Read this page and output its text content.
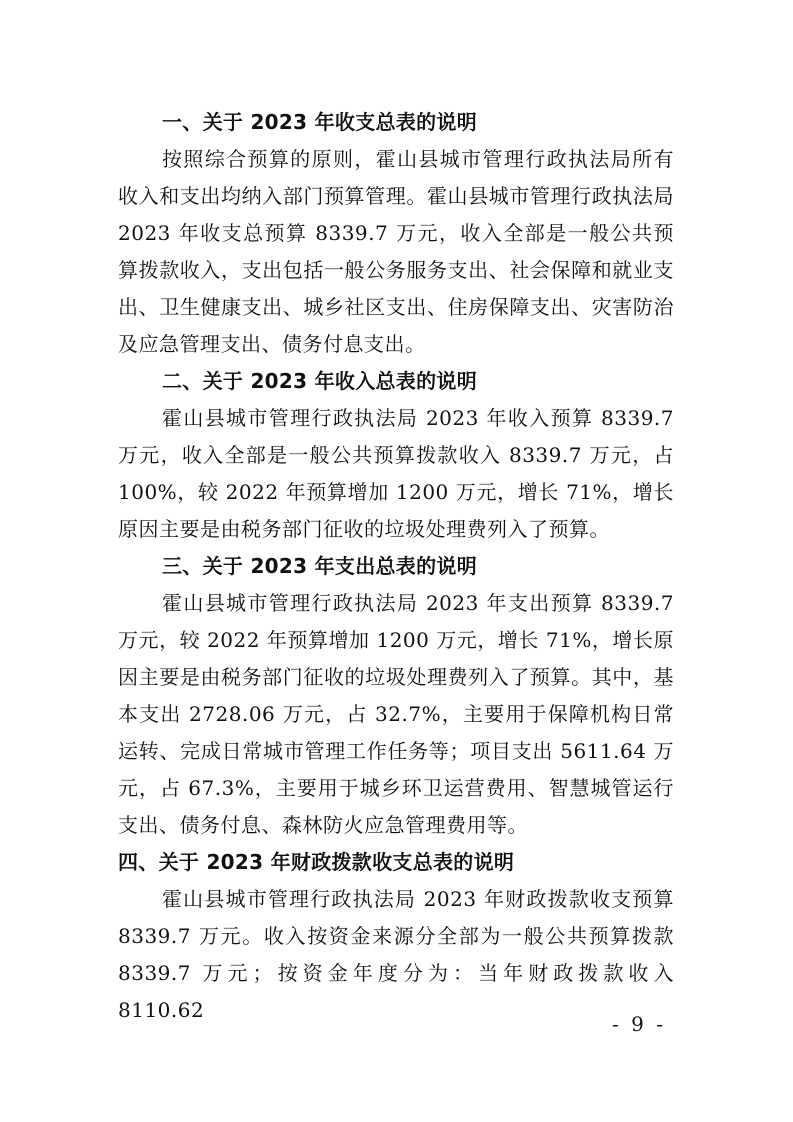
一、关于 2023 年收支总表的说明

按照综合预算的原则，霍山县城市管理行政执法局所有收入和支出均纳入部门预算管理。霍山县城市管理行政执法局 2023 年收支总预算 8339.7 万元，收入全部是一般公共预算拨款收入，支出包括一般公务服务支出、社会保障和就业支出、卫生健康支出、城乡社区支出、住房保障支出、灾害防治及应急管理支出、债务付息支出。

二、关于 2023 年收入总表的说明

霍山县城市管理行政执法局 2023 年收入预算 8339.7 万元，收入全部是一般公共预算拨款收入 8339.7 万元，占 100%，较 2022 年预算增加 1200 万元，增长 71%，增长原因主要是由税务部门征收的垃圾处理费列入了预算。

三、关于 2023 年支出总表的说明

霍山县城市管理行政执法局 2023 年支出预算 8339.7 万元，较 2022 年预算增加 1200 万元，增长 71%，增长原因主要是由税务部门征收的垃圾处理费列入了预算。其中，基本支出 2728.06 万元，占 32.7%，主要用于保障机构日常运转、完成日常城市管理工作任务等；项目支出 5611.64 万元，占 67.3%，主要用于城乡环卫运营费用、智慧城管运行支出、债务付息、森林防火应急管理费用等。

四、关于 2023 年财政拨款收支总表的说明

霍山县城市管理行政执法局 2023 年财政拨款收支预算 8339.7 万元。收入按资金来源分全部为一般公共预算拨款 8339.7 万元；按资金年度分为：当年财政拨款收入 8110.62

- 9 -
